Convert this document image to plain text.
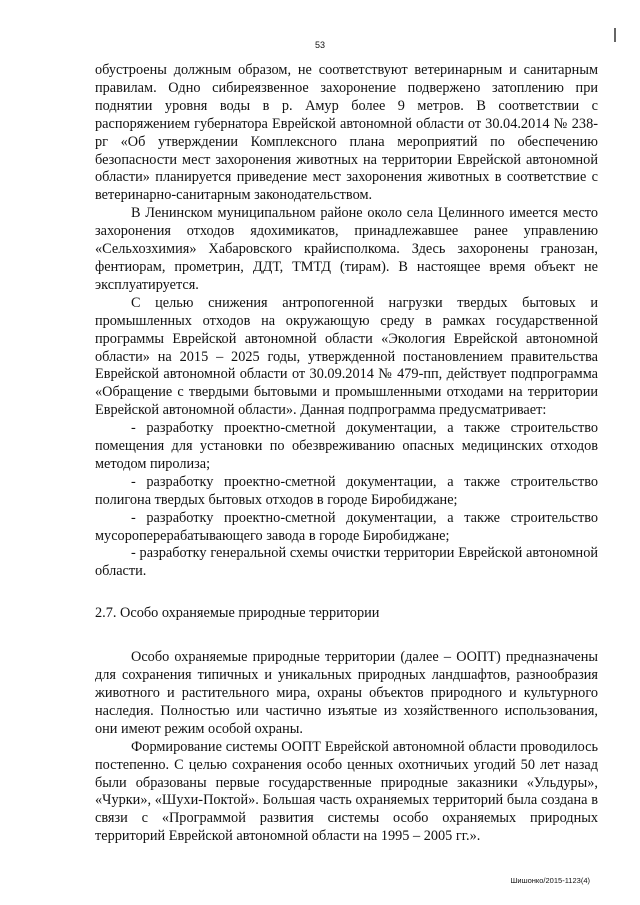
53

обустроены должным образом, не соответствуют ветеринарным и санитарным правилам. Одно сибиреязвенное захоронение подвержено затоплению при поднятии уровня воды в р. Амур более 9 метров. В соответствии с распоряжением губернатора Еврейской автономной области от 30.04.2014 № 238-рг «Об утверждении Комплексного плана мероприятий по обеспечению безопасности мест захоронения животных на территории Еврейской автономной области» планируется приведение мест захоронения животных в соответствие с ветеринарно-санитарным законодательством.

В Ленинском муниципальном районе около села Целинного имеется место захоронения отходов ядохимикатов, принадлежавшее ранее управлению «Сельхозхимия» Хабаровского крайисполкома. Здесь захоронены гранозан, фентиорам, прометрин, ДДТ, ТМТД (тирам). В настоящее время объект не эксплуатируется.

С целью снижения антропогенной нагрузки твердых бытовых и промышленных отходов на окружающую среду в рамках государственной программы Еврейской автономной области «Экология Еврейской автономной области» на 2015 – 2025 годы, утвержденной постановлением правительства Еврейской автономной области от 30.09.2014 № 479-пп, действует подпрограмма «Обращение с твердыми бытовыми и промышленными отходами на территории Еврейской автономной области». Данная подпрограмма предусматривает:

- разработку проектно-сметной документации, а также строительство помещения для установки по обезвреживанию опасных медицинских отходов методом пиролиза;

- разработку проектно-сметной документации, а также строительство полигона твердых бытовых отходов в городе Биробиджане;

- разработку проектно-сметной документации, а также строительство мусороперерабатывающего завода в городе Биробиджане;

- разработку генеральной схемы очистки территории Еврейской автономной области.

2.7. Особо охраняемые природные территории

Особо охраняемые природные территории (далее – ООПТ) предназначены для сохранения типичных и уникальных природных ландшафтов, разнообразия животного и растительного мира, охраны объектов природного и культурного наследия. Полностью или частично изъятые из хозяйственного использования, они имеют режим особой охраны.

Формирование системы ООПТ Еврейской автономной области проводилось постепенно. С целью сохранения особо ценных охотничьих угодий 50 лет назад были образованы первые государственные природные заказники «Ульдуры», «Чурки», «Шухи-Поктой». Большая часть охраняемых территорий была создана в связи с «Программой развития системы особо охраняемых природных территорий Еврейской автономной области на 1995 – 2005 гг.».

Шишонко/2015-1123(4)
